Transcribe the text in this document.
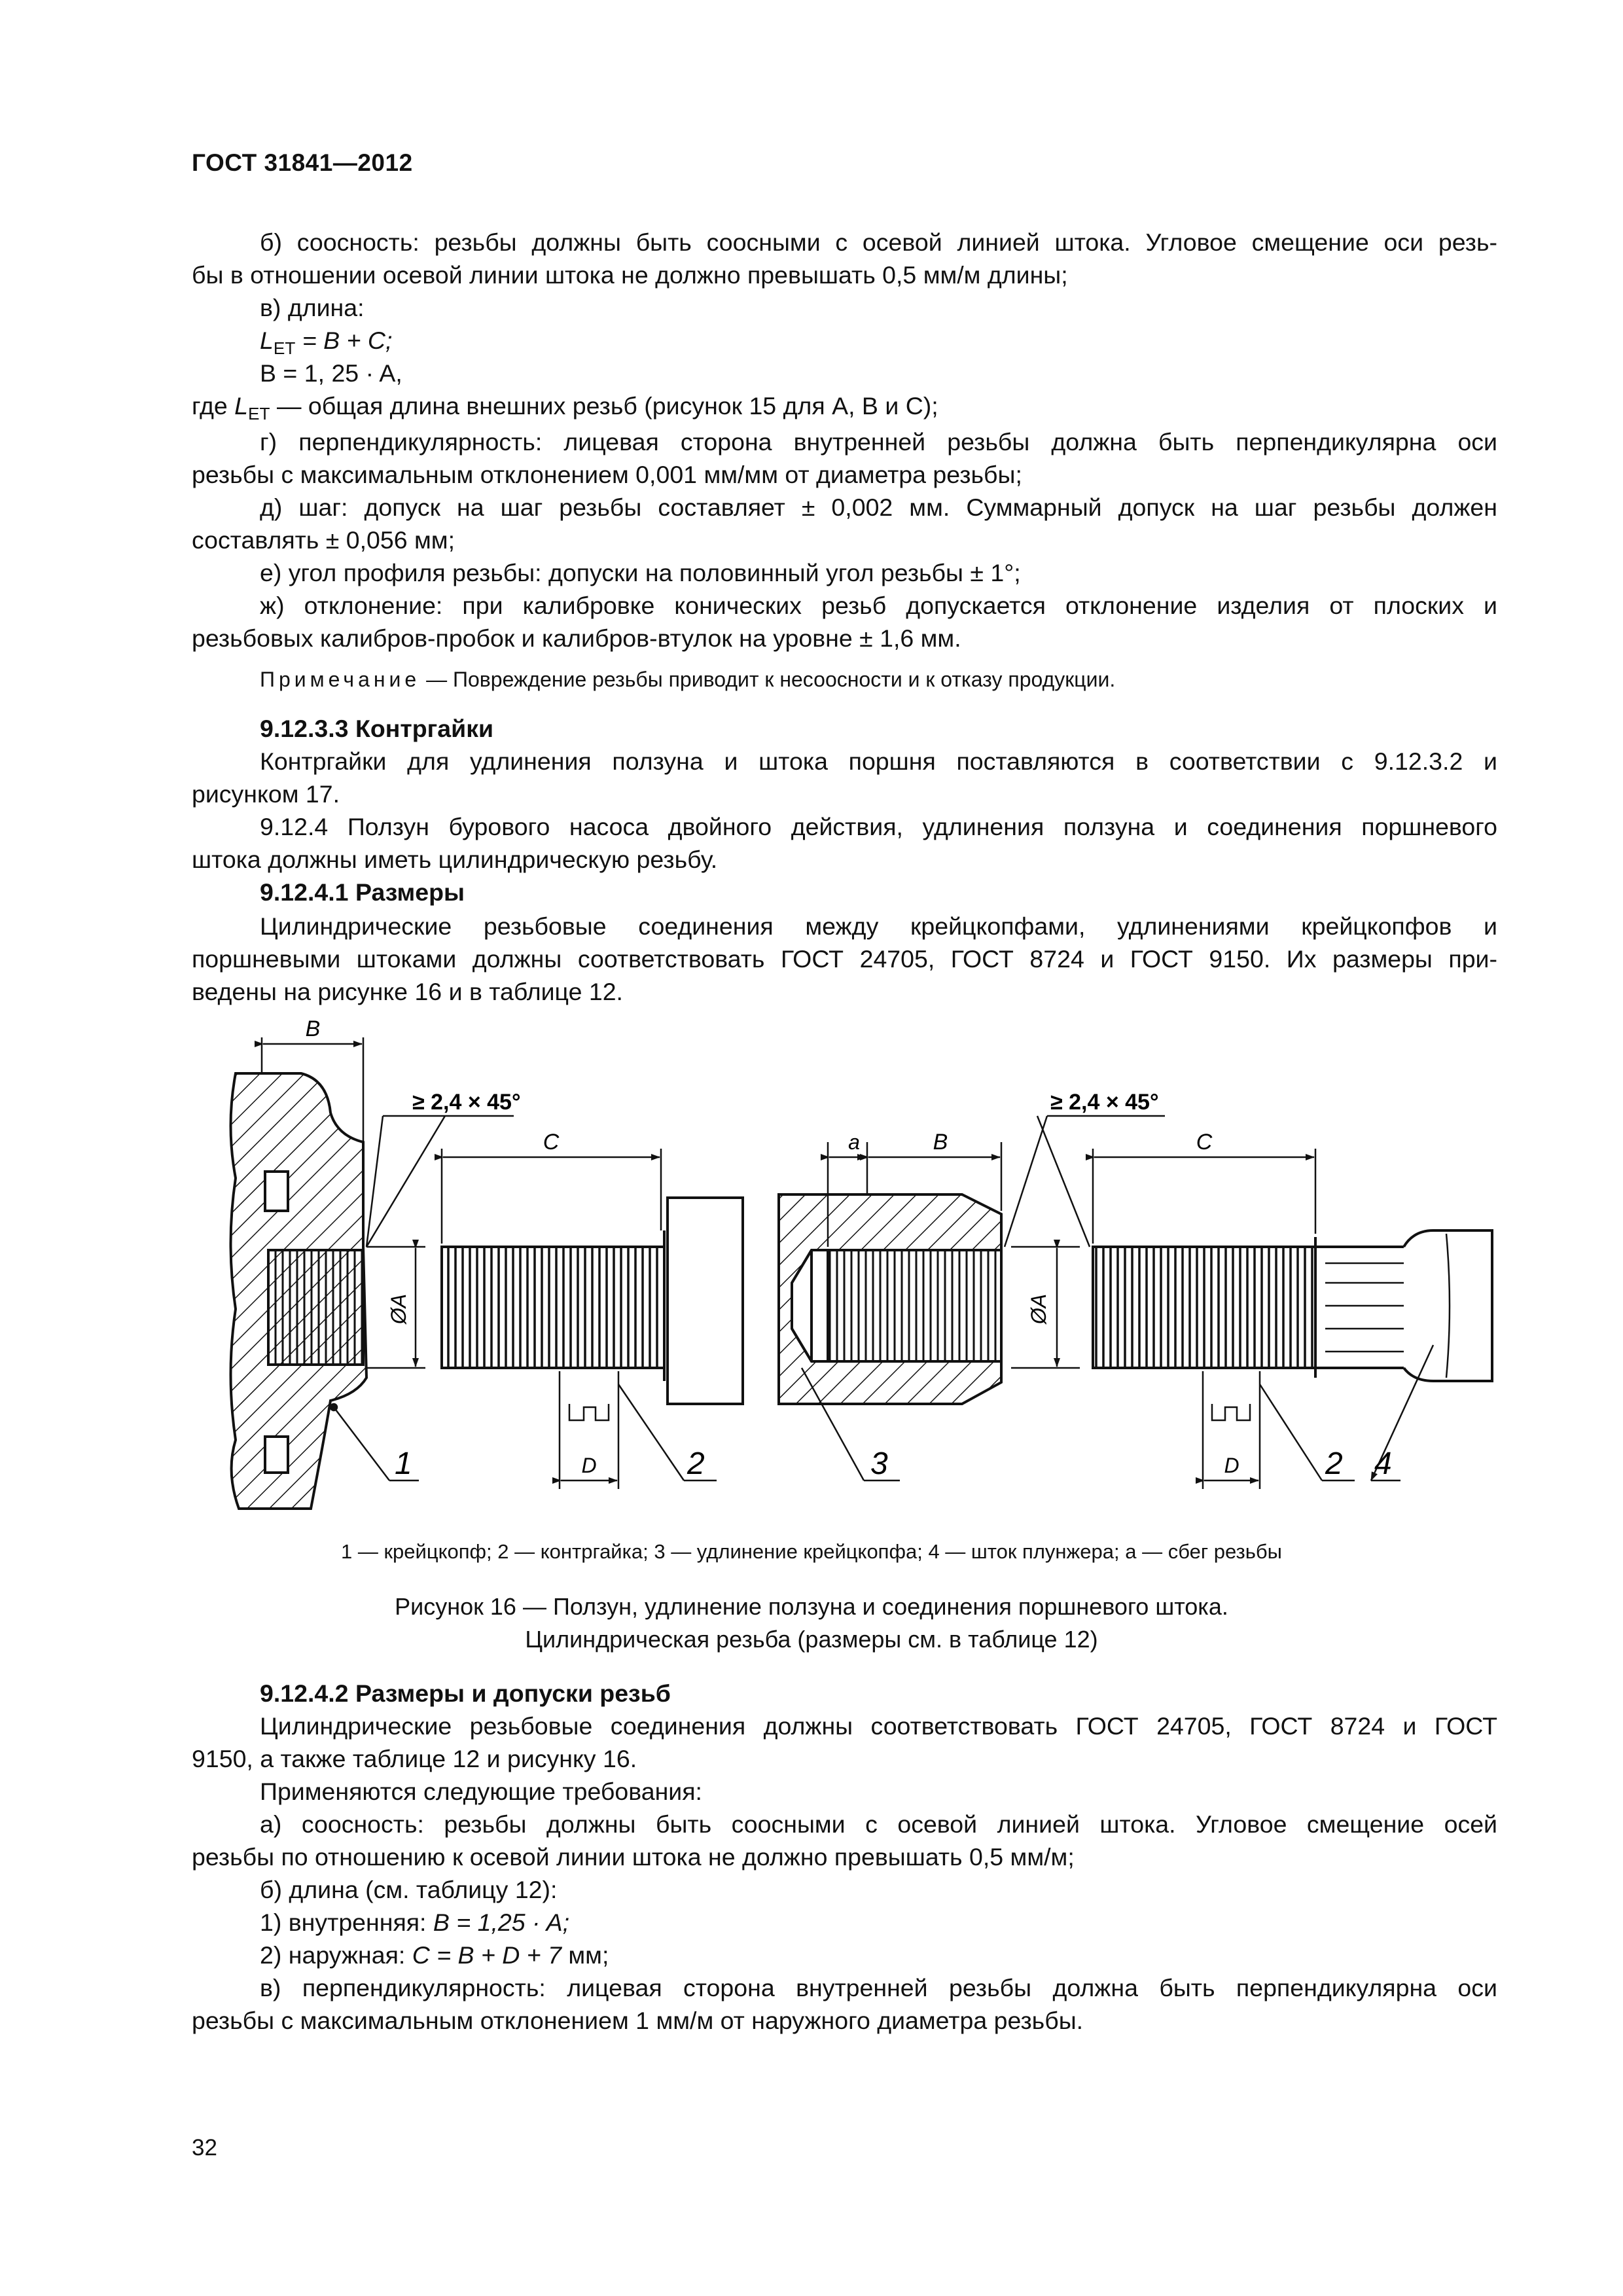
ГОСТ 31841—2012
б) соосность: резьбы должны быть соосными с осевой линией штока. Угловое смещение оси резь-
бы в отношении осевой линии штока не должно превышать 0,5 мм/м длины;
в) длина:
$L_{ET} = B + C$;
B = 1, 25 · A,
где $L_{ET}$ — общая длина внешних резьб (рисунок 15 для A, B и C);
г) перпендикулярность: лицевая сторона внутренней резьбы должна быть перпендикулярна оси
резьбы с максимальным отклонением 0,001 мм/мм от диаметра резьбы;
д) шаг: допуск на шаг резьбы составляет ± 0,002 мм. Суммарный допуск на шаг резьбы должен
составлять ± 0,056 мм;
е) угол профиля резьбы: допуски на половинный угол резьбы ± 1°;
ж) отклонение: при калибровке конических резьб допускается отклонение изделия от плоских и
резьбовых калибров-пробок и калибров-втулок на уровне ± 1,6 мм.
Примечание — Повреждение резьбы приводит к несоосности и к отказу продукции.
9.12.3.3 Контргайки
Контргайки для удлинения ползуна и штока поршня поставляются в соответствии с 9.12.3.2 и
рисунком 17.
9.12.4 Ползун бурового насоса двойного действия, удлинения ползуна и соединения поршневого
штока должны иметь цилиндрическую резьбу.
9.12.4.1 Размеры
Цилиндрические резьбовые соединения между крейцкопфами, удлинениями крейцкопфов и
поршневыми штоками должны соответствовать ГОСТ 24705, ГОСТ 8724 и ГОСТ 9150. Их размеры при-
ведены на рисунке 16 и в таблице 12.
B
ØA
≥ 2,4 × 45°
C
D	2
1
a	B
3
ØA
≥ 2,4 × 45°
C
D	2 4
1 — крейцкопф; 2 — контргайка; 3 — удлинение крейцкопфа; 4 — шток плунжера; a — сбег резьбы
Рисунок 16 — Ползун, удлинение ползуна и соединения поршневого штока.
Цилиндрическая резьба (размеры см. в таблице 12)
9.12.4.2 Размеры и допуски резьб
Цилиндрические резьбовые соединения должны соответствовать ГОСТ 24705, ГОСТ 8724 и ГОСТ
9150, а также таблице 12 и рисунку 16.
Применяются следующие требования:
а) соосность: резьбы должны быть соосными с осевой линией штока. Угловое смещение осей
резьбы по отношению к осевой линии штока не должно превышать 0,5 мм/м;
б) длина (см. таблицу 12):
1) внутренняя: B = 1,25 · A;
2) наружная: C = B + D + 7 мм;
в) перпендикулярность: лицевая сторона внутренней резьбы должна быть перпендикулярна оси
резьбы с максимальным отклонением 1 мм/м от наружного диаметра резьбы.
32
